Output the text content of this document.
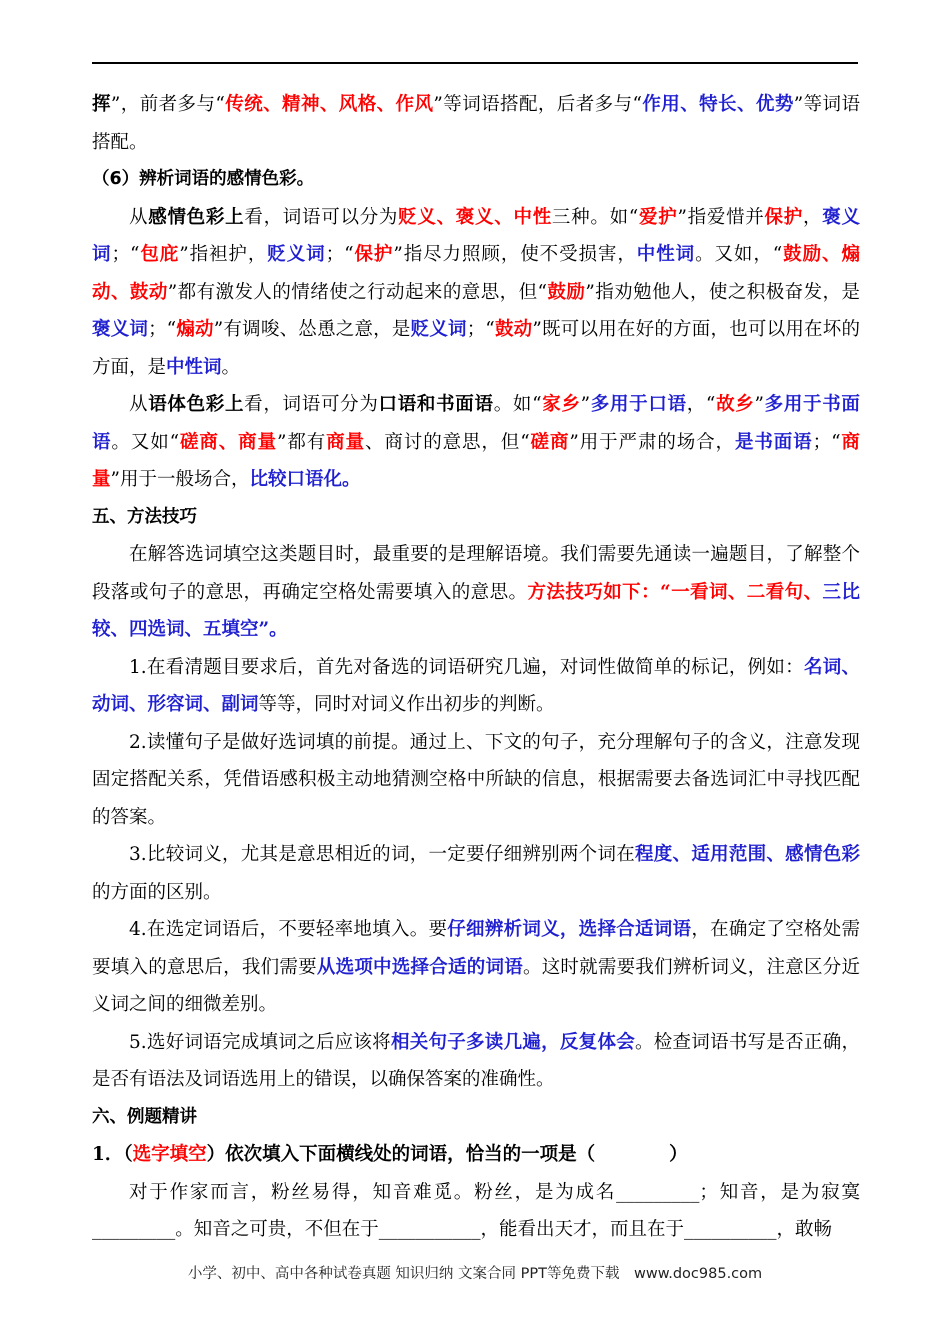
挥”，前者多与“传统、精神、风格、作风”等词语搭配，后者多与“作用、特长、优势”等词语搭配。

（6）辨析词语的感情色彩。

从感情色彩上看，词语可以分为贬义、褒义、中性三种。如“爱护”指爱惜并保护，褒义词；“包庇”指袒护，贬义词；“保护”指尽力照顾，使不受损害，中性词。又如，“鼓励、煽动、鼓动”都有激发人的情绪使之行动起来的意思，但“鼓励”指劝勉他人，使之积极奋发，是褒义词；“煽动”有调唆、怂恿之意，是贬义词；“鼓动”既可以用在好的方面，也可以用在坏的方面，是中性词。

从语体色彩上看，词语可分为口语和书面语。如“家乡”多用于口语，“故乡”多用于书面语。又如“磋商、商量”都有商量、商讨的意思，但“磋商”用于严肃的场合，是书面语；“商量”用于一般场合，比较口语化。

五、方法技巧

在解答选词填空这类题目时，最重要的是理解语境。我们需要先通读一遍题目，了解整个段落或句子的意思，再确定空格处需要填入的意思。方法技巧如下：“一看词、二看句、三比较、四选词、五填空”。

1.在看清题目要求后，首先对备选的词语研究几遍，对词性做简单的标记，例如：名词、动词、形容词、副词等等，同时对词义作出初步的判断。

2.读懂句子是做好选词填的前提。通过上、下文的句子，充分理解句子的含义，注意发现固定搭配关系，凭借语感积极主动地猜测空格中所缺的信息，根据需要去备选词汇中寻找匹配的答案。

3.比较词义，尤其是意思相近的词，一定要仔细辨别两个词在程度、适用范围、感情色彩的方面的区别。

4.在选定词语后，不要轻率地填入。要仔细辨析词义，选择合适词语，在确定了空格处需要填入的意思后，我们需要从选项中选择合适的词语。这时就需要我们辨析词义，注意区分近义词之间的细微差别。

5.选好词语完成填词之后应该将相关句子多读几遍，反复体会。检查词语书写是否正确，是否有语法及词语选用上的错误，以确保答案的准确性。

六、例题精讲

1．（选字填空）依次填入下面横线处的词语，恰当的一项是（　　　　）

对于作家而言，粉丝易得，知音难觅。粉丝，是为成名_________；知音，是为寂寞_________。知音之可贵，不但在于___________，能看出天才，而且在于__________，敢畅

小学、初中、高中各种试卷真题 知识归纳 文案合同 PPT等免费下载　www.doc985.com
